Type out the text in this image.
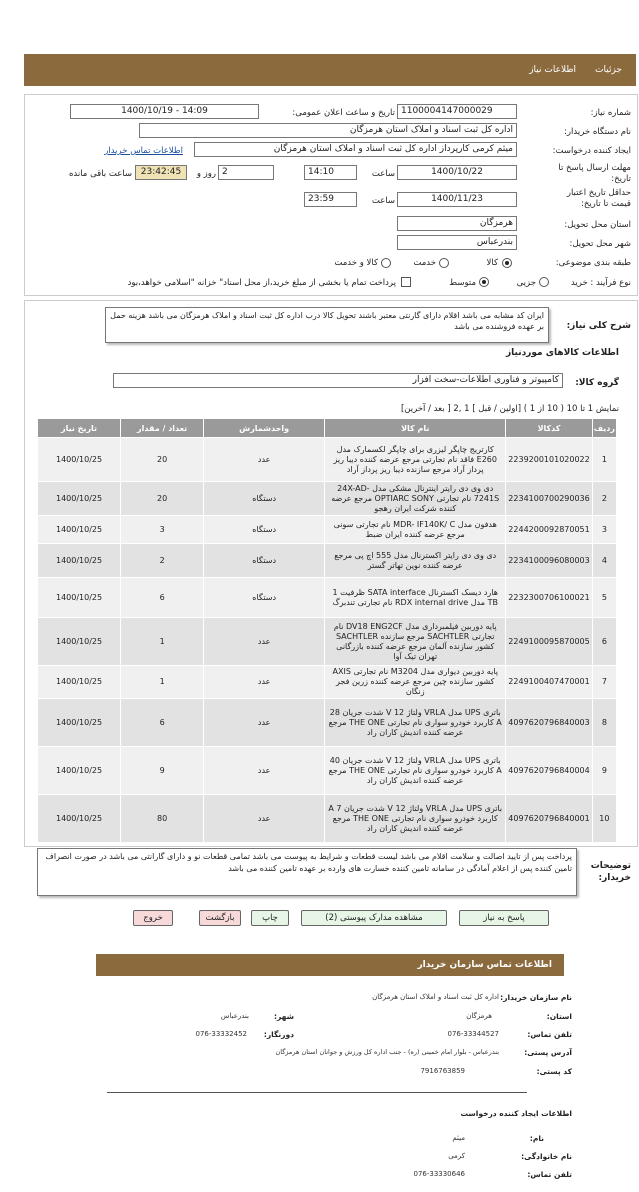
جزئیات
اطلاعات نیاز
شماره نیاز:
1100004147000029
تاریخ و ساعت اعلان عمومی:
1400/10/19 - 14:09
نام دستگاه خریدار:
اداره کل ثبت اسناد و املاک استان هرمزگان
ایجاد کننده درخواست:
میثم کرمی کارپرداز اداره کل ثبت اسناد و املاک استان هرمزگان
اطلاعات تماس خریدار
مهلت ارسال پاسخ تا تاریخ:
1400/10/22
ساعت
14:10
2
روز و
23:42:45
ساعت باقی مانده
حداقل تاریخ اعتبار قیمت تا تاریخ:
1400/11/23
ساعت
23:59
استان محل تحویل:
هرمزگان
شهر محل تحویل:
بندرعباس
طبقه بندی موضوعی:
کالا
خدمت
کالا و خدمت
نوع فرآیند : خرید
جزیی
متوسط
پرداخت تمام یا بخشی از مبلغ خرید،از محل اسناد" خزانه "اسلامی خواهد،بود
شرح کلی نیاز:
ایران کد مشابه می باشد اقلام دارای گارنتی معتبر باشند تحویل کالا درب اداره کل ثبت اسناد و املاک هرمزگان می باشد هزینه حمل بر عهده فروشنده می باشد
اطلاعات کالاهای موردنیاز
گروه کالا:
کامپیوتر و فناوری اطلاعات-سخت افزار
نمایش 1 تا 10 ( 10 از 1 ) [اولین / قبل ] 1 ,2 [ بعد / آخرین]
ردیف	کدکالا	نام کالا	واحدشمارش	تعداد / مقدار	تاریخ نیاز
1	2239200101020022	کارتریج چاپگر لیزری برای چاپگر لکسمارک مدل E260 فاقد نام تجارتی مرجع عرضه کننده دیبا ریز پرداز آراد مرجع سازنده دیبا ریز پرداز آراد	عدد	20	1400/10/25
2	2234100700290036	دی وی دی رایتر اینترنال مشکی مدل 24X-AD-7241S نام تجارتی OPTIARC SONY مرجع عرضه کننده شرکت ایران رهجو	دستگاه	20	1400/10/25
3	2244200092870051	هدفون مدل MDR- IF140K/ C نام تجارتی سونی مرجع عرضه کننده ایران ضبط	دستگاه	3	1400/10/25
4	2234100096080003	دی وی دی رایتر اکسترنال مدل 555 اچ پی مرجع عرضه کننده نوین تهاتر گستر	دستگاه	2	1400/10/25
5	2232300706100021	هارد دیسک اکسترنال SATA interface ظرفیت 1 TB مدل RDX internal drive نام تجارتی تندبرگ	دستگاه	6	1400/10/25
6	2249100095870005	پایه دوربین فیلمبرداری مدل DV18 ENG2CF نام تجارتی SACHTLER مرجع سازنده SACHTLER کشور سازنده آلمان مرجع عرضه کننده بازرگانی تهران تیک آوا	عدد	1	1400/10/25
7	2249100407470001	پایه دوربین دیواری مدل M3204 نام تجارتی AXIS کشور سازنده چین مرجع عرضه کننده زرین فجر زنگان	عدد	1	1400/10/25
8	4097620796840003	باتری UPS مدل VRLA ولتاژ 12 V شدت جریان 28 A کاربرد خودرو سواری نام تجارتی THE ONE مرجع عرضه کننده اندیش کاران راد	عدد	6	1400/10/25
9	4097620796840004	باتری UPS مدل VRLA ولتاژ 12 V شدت جریان 40 A کاربرد خودرو سواری نام تجارتی THE ONE مرجع عرضه کننده اندیش کاران راد	عدد	9	1400/10/25
10	4097620796840001	باتری UPS مدل VRLA ولتاژ 12 V شدت جریان 7 A کاربرد خودرو سواری نام تجارتی THE ONE مرجع عرضه کننده اندیش کاران راد	عدد	80	1400/10/25
توضیحات خریدار:
پرداخت پس از تایید اصالت و سلامت اقلام می باشد لیست قطعات و شرایط به پیوست می باشد تمامی قطعات نو و دارای گارانتی می باشد در صورت انصراف تامین کننده پس از اعلام آمادگی در سامانه تامین کننده خسارت های وارده بر عهده تامین کننده می باشد
پاسخ به نیاز
مشاهده مدارک پیوستی (2)
چاپ
بازگشت
خروج
اطلاعات تماس سازمان خریدار
نام سازمان خریدار:
اداره کل ثبت اسناد و املاک استان هرمزگان
استان:
هرمزگان
شهر:
بندرعباس
تلفن تماس:
076-33344527
دورنگار:
076-33332452
آدرس پستی:
بندرعباس - بلوار امام خمینی (ره) - جنب اداره کل ورزش و جوانان استان هرمزگان
کد پستی:
7916763859
اطلاعات ایجاد کننده درخواست
نام:
میثم
نام خانوادگی:
کرمی
تلفن تماس:
076-33330646
